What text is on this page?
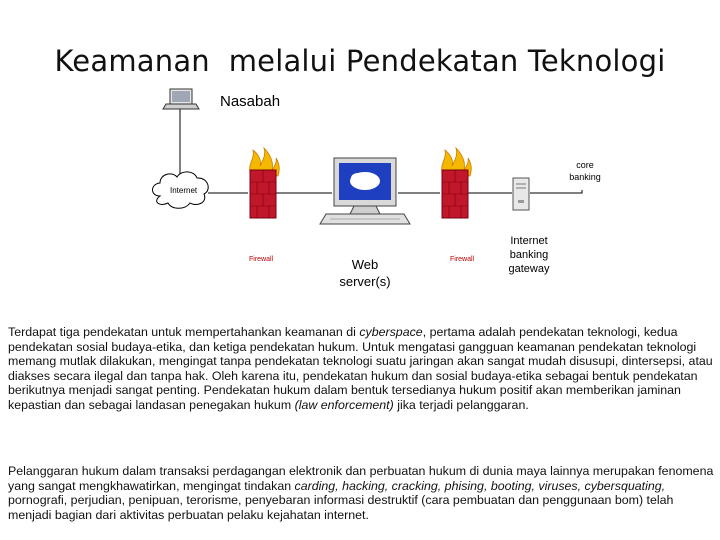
Keamanan  melalui Pendekatan Teknologi
Nasabah
core banking
Internet
Firewall	Firewall
Web server(s)
Internet banking gateway
Terdapat tiga pendekatan untuk mempertahankan keamanan di cyberspace, pertama adalah pendekatan teknologi, kedua pendekatan sosial budaya-etika, dan ketiga pendekatan hukum. Untuk mengatasi gangguan keamanan pendekatan teknologi memang mutlak dilakukan, mengingat tanpa pendekatan teknologi suatu jaringan akan sangat mudah disusupi, dintersepsi, atau diakses secara ilegal dan tanpa hak. Oleh karena itu, pendekatan hukum dan sosial budaya-etika sebagai bentuk pendekatan berikutnya menjadi sangat penting. Pendekatan hukum dalam bentuk tersedianya hukum positif akan memberikan jaminan kepastian dan sebagai landasan penegakan hukum (law enforcement) jika terjadi pelanggaran.
Pelanggaran hukum dalam transaksi perdagangan elektronik dan perbuatan hukum di dunia maya lainnya merupakan fenomena yang sangat mengkhawatirkan, mengingat tindakan carding, hacking, cracking, phising, booting, viruses, cybersquating, pornografi, perjudian, penipuan, terorisme, penyebaran informasi destruktif (cara pembuatan dan penggunaan bom) telah menjadi bagian dari aktivitas perbuatan pelaku kejahatan internet.
